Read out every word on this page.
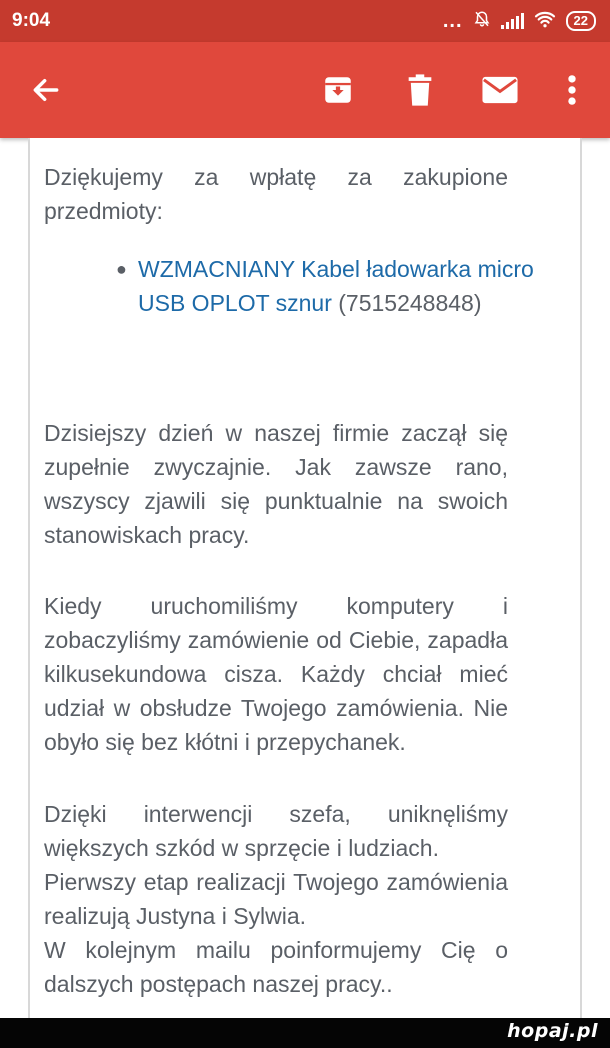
9:04	...	22
Dziękujemy za wpłatę za zakupione przedmioty:
● WZMACNIANY Kabel ładowarka micro USB OPLOT sznur (7515248848)
Dzisiejszy dzień w naszej firmie zaczął się zupełnie zwyczajnie. Jak zawsze rano, wszyscy zjawili się punktualnie na swoich stanowiskach pracy.
Kiedy uruchomiliśmy komputery i zobaczyliśmy zamówienie od Ciebie, zapadła kilkusekundowa cisza. Każdy chciał mieć udział w obsłudze Twojego zamówienia. Nie obyło się bez kłótni i przepychanek.
Dzięki interwencji szefa, uniknęliśmy większych szkód w sprzęcie i ludziach.
Pierwszy etap realizacji Twojego zamówienia realizują Justyna i Sylwia.
W kolejnym mailu poinformujemy Cię o dalszych postępach naszej pracy..
hopaj.pl
